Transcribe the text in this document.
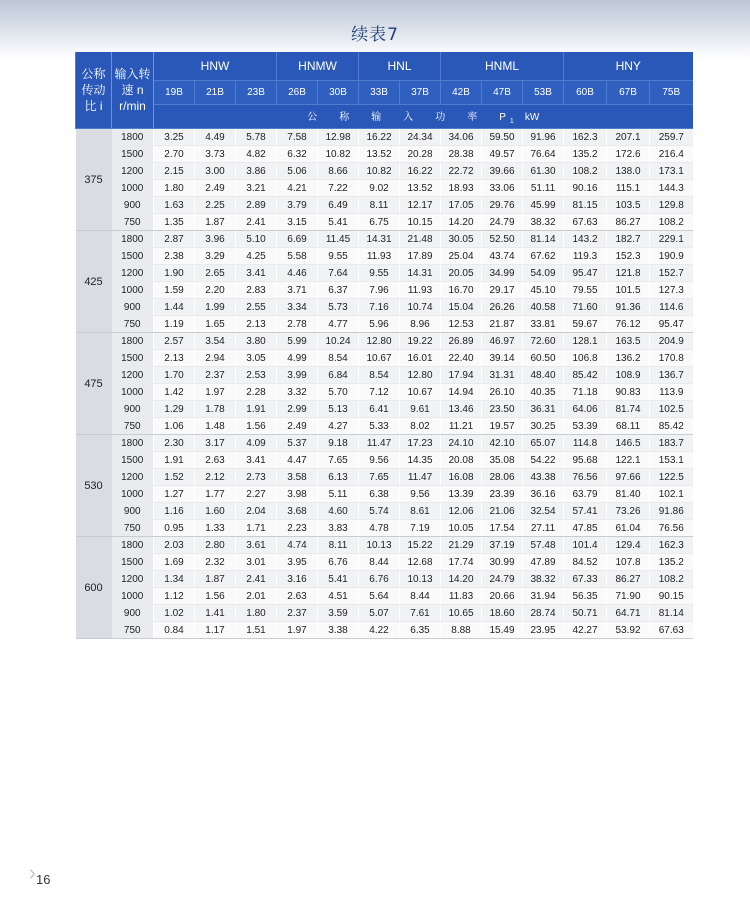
续表7
公称
传动
比 i	输入转
速 n
r/min	HNW			HNMW		HNL		HNML			HNY		
		19B	21B	23B	26B	30B	33B	37B	42B	47B	53B	60B	67B	75B
		公 称 输 入 功 率 P $_1$ kW												
375	1800	3.25	4.49	5.78	7.58	12.98	16.22	24.34	34.06	59.50	91.96	162.3	207.1	259.7
	1500	2.70	3.73	4.82	6.32	10.82	13.52	20.28	28.38	49.57	76.64	135.2	172.6	216.4
	1200	2.15	3.00	3.86	5.06	8.66	10.82	16.22	22.72	39.66	61.30	108.2	138.0	173.1
	1000	1.80	2.49	3.21	4.21	7.22	9.02	13.52	18.93	33.06	51.11	90.16	115.1	144.3
	900	1.63	2.25	2.89	3.79	6.49	8.11	12.17	17.05	29.76	45.99	81.15	103.5	129.8
	750	1.35	1.87	2.41	3.15	5.41	6.75	10.15	14.20	24.79	38.32	67.63	86.27	108.2
425	1800	2.87	3.96	5.10	6.69	11.45	14.31	21.48	30.05	52.50	81.14	143.2	182.7	229.1
	1500	2.38	3.29	4.25	5.58	9.55	11.93	17.89	25.04	43.74	67.62	119.3	152.3	190.9
	1200	1.90	2.65	3.41	4.46	7.64	9.55	14.31	20.05	34.99	54.09	95.47	121.8	152.7
	1000	1.59	2.20	2.83	3.71	6.37	7.96	11.93	16.70	29.17	45.10	79.55	101.5	127.3
	900	1.44	1.99	2.55	3.34	5.73	7.16	10.74	15.04	26.26	40.58	71.60	91.36	114.6
	750	1.19	1.65	2.13	2.78	4.77	5.96	8.96	12.53	21.87	33.81	59.67	76.12	95.47
475	1800	2.57	3.54	3.80	5.99	10.24	12.80	19.22	26.89	46.97	72.60	128.1	163.5	204.9
	1500	2.13	2.94	3.05	4.99	8.54	10.67	16.01	22.40	39.14	60.50	106.8	136.2	170.8
	1200	1.70	2.37	2.53	3.99	6.84	8.54	12.80	17.94	31.31	48.40	85.42	108.9	136.7
	1000	1.42	1.97	2.28	3.32	5.70	7.12	10.67	14.94	26.10	40.35	71.18	90.83	113.9
	900	1.29	1.78	1.91	2.99	5.13	6.41	9.61	13.46	23.50	36.31	64.06	81.74	102.5
	750	1.06	1.48	1.56	2.49	4.27	5.33	8.02	11.21	19.57	30.25	53.39	68.11	85.42
530	1800	2.30	3.17	4.09	5.37	9.18	11.47	17.23	24.10	42.10	65.07	114.8	146.5	183.7
	1500	1.91	2.63	3.41	4.47	7.65	9.56	14.35	20.08	35.08	54.22	95.68	122.1	153.1
	1200	1.52	2.12	2.73	3.58	6.13	7.65	11.47	16.08	28.06	43.38	76.56	97.66	122.5
	1000	1.27	1.77	2.27	3.98	5.11	6.38	9.56	13.39	23.39	36.16	63.79	81.40	102.1
	900	1.16	1.60	2.04	3.68	4.60	5.74	8.61	12.06	21.06	32.54	57.41	73.26	91.86
	750	0.95	1.33	1.71	2.23	3.83	4.78	7.19	10.05	17.54	27.11	47.85	61.04	76.56
600	1800	2.03	2.80	3.61	4.74	8.11	10.13	15.22	21.29	37.19	57.48	101.4	129.4	162.3
	1500	1.69	2.32	3.01	3.95	6.76	8.44	12.68	17.74	30.99	47.89	84.52	107.8	135.2
	1200	1.34	1.87	2.41	3.16	5.41	6.76	10.13	14.20	24.79	38.32	67.33	86.27	108.2
	1000	1.12	1.56	2.01	2.63	4.51	5.64	8.44	11.83	20.66	31.94	56.35	71.90	90.15
	900	1.02	1.41	1.80	2.37	3.59	5.07	7.61	10.65	18.60	28.74	50.71	64.71	81.14
	750	0.84	1.17	1.51	1.97	3.38	4.22	6.35	8.88	15.49	23.95	42.27	53.92	67.63
16
